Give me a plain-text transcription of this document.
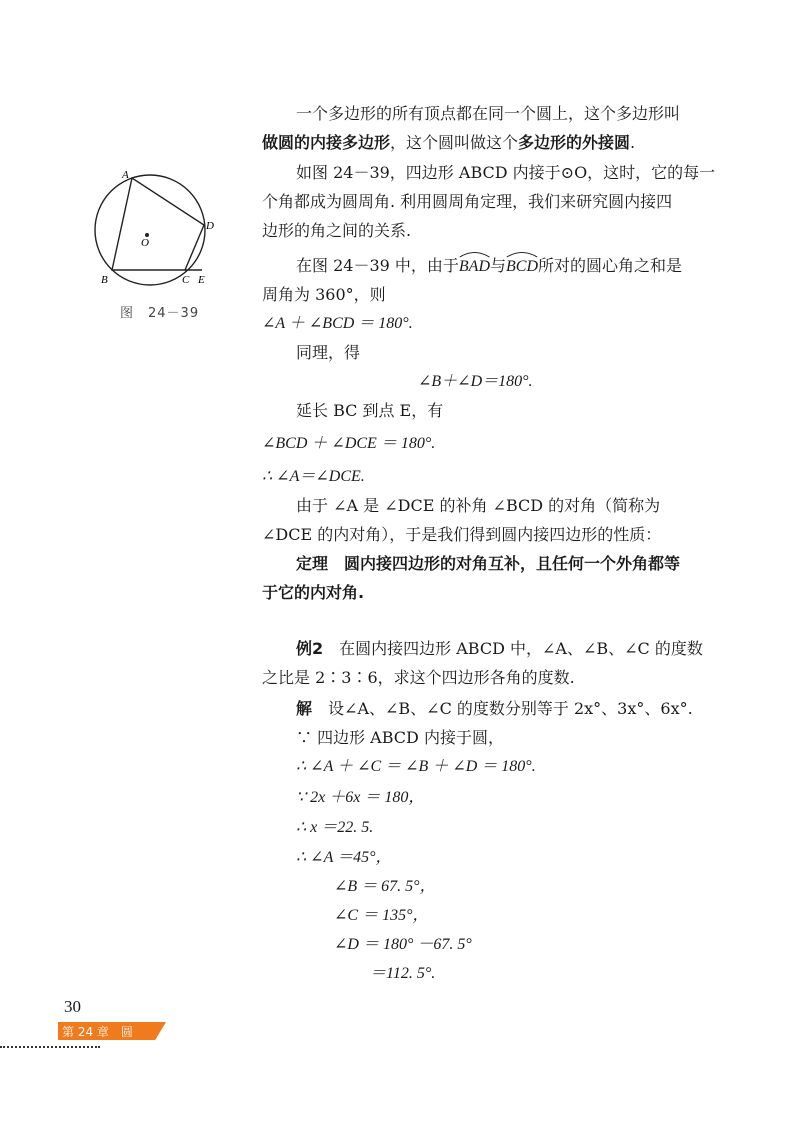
A
B	C
D
E
O
图　24－39
一个多边形的所有顶点都在同一个圆上，这个多边形叫
做圆的内接多边形，这个圆叫做这个多边形的外接圆.
如图 24－39，四边形 ABCD 内接于⊙O，这时，它的每一
个角都成为圆周角. 利用圆周角定理，我们来研究圆内接四
边形的角之间的关系.
在图 24－39 中，由于
BAD与
BCD所对的圆心角之和是
周角为 360°，则
∠A ＋ ∠BCD ＝ 180°.
同理，得
∠B＋∠D＝180°.
延长 BC 到点 E，有
∠BCD ＋ ∠DCE ＝ 180°.
∴ ∠A＝∠DCE.
由于 ∠A 是 ∠DCE 的补角 ∠BCD 的对角（简称为
∠DCE 的内对角），于是我们得到圆内接四边形的性质：
定理　 圆内接四边形的对角互补，且任何一个外角都等
于它的内对角.
例2　 在圆内接四边形 ABCD 中，∠A、∠B、∠C 的度数
之比是 2∶3∶6，求这个四边形各角的度数.
解　 设∠A、∠B、∠C 的度数分别等于 2x°、3x°、6x°.
∵ 四边形 ABCD 内接于圆，
∴ ∠A ＋ ∠C ＝ ∠B ＋ ∠D ＝ 180°.
∵ 2x ＋6x ＝ 180，
∴ x ＝22. 5.
∴ ∠A ＝45°，
∠B ＝ 67. 5°，
∠C ＝ 135°，
∠D ＝ 180° －67. 5°
＝112. 5°.
30
第 24 章　圆
